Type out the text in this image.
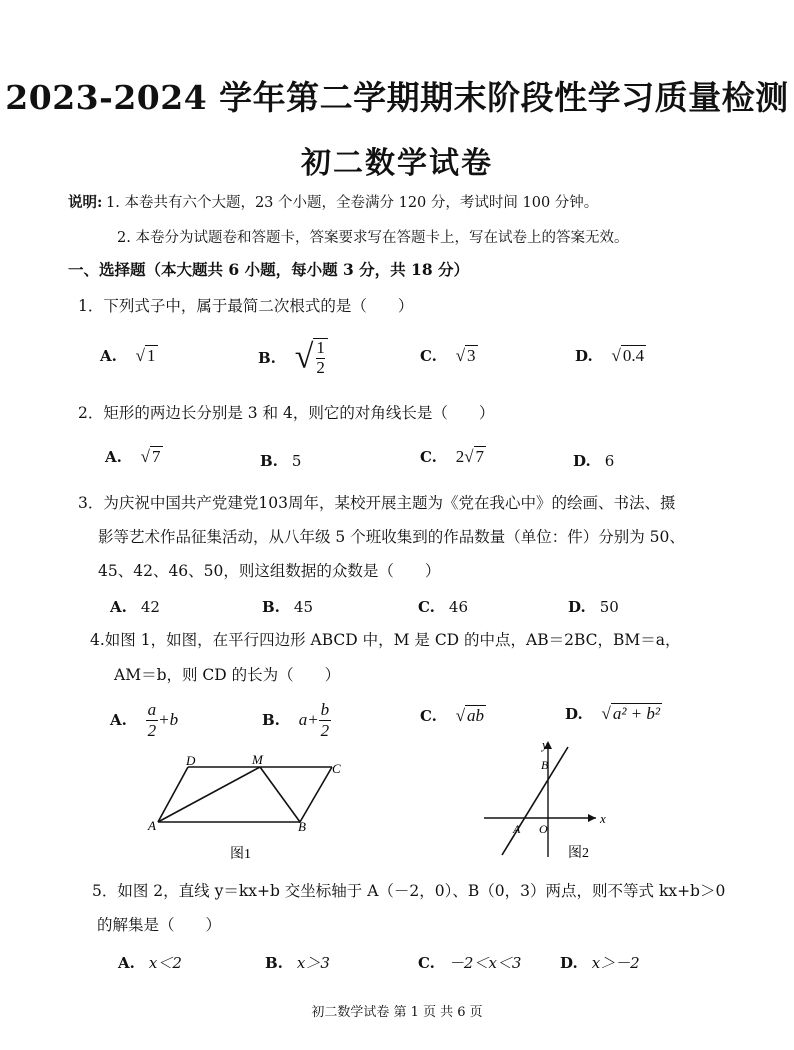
2023-2024 学年第二学期期末阶段性学习质量检测
初二数学试卷
说明: 1. 本卷共有六个大题，23 个小题，全卷满分 120 分，考试时间 100 分钟。
2. 本卷分为试题卷和答题卡，答案要求写在答题卡上，写在试卷上的答案无效。
一、选择题（本大题共 6 小题，每小题 3 分，共 18 分）
1．下列式子中，属于最简二次根式的是（　　）
A. √ 1	B. √ $\frac{1}{2}$	C. √ 3	D. √ 0.4
2．矩形的两边长分别是 3 和 4，则它的对角线长是（　　）
A. √ 7	B. 5	C. 2√ 7	D. 6
3．为庆祝中国共产党建党103周年，某校开展主题为《党在我心中》的绘画、书法、摄
影等艺术作品征集活动，从八年级 5 个班收集到的作品数量（单位：件）分别为 50、
45、42、46、50，则这组数据的众数是（　　）
A. 42	B. 45	C. 46	D. 50
4.如图 1，如图，在平行四边形 ABCD 中，M 是 CD 的中点，AB＝2BC，BM＝a，
AM＝b，则 CD 的长为（　　）
A. $\frac{a}{2} +b$	B. $a+ \frac{b}{2}$	C. √ ab	D. √ a² + b²
D	M
C
A	B
图1
x
y
O
A
B
图2
5．如图 2，直线 y＝kx+b 交坐标轴于 A（－2，0）、B（0，3）两点，则不等式 kx+b＞0
的解集是（　　）
A. x＜2	B. x＞3	C. －2＜x＜3	D. x＞－2
初二数学试卷 第 1 页 共 6 页
